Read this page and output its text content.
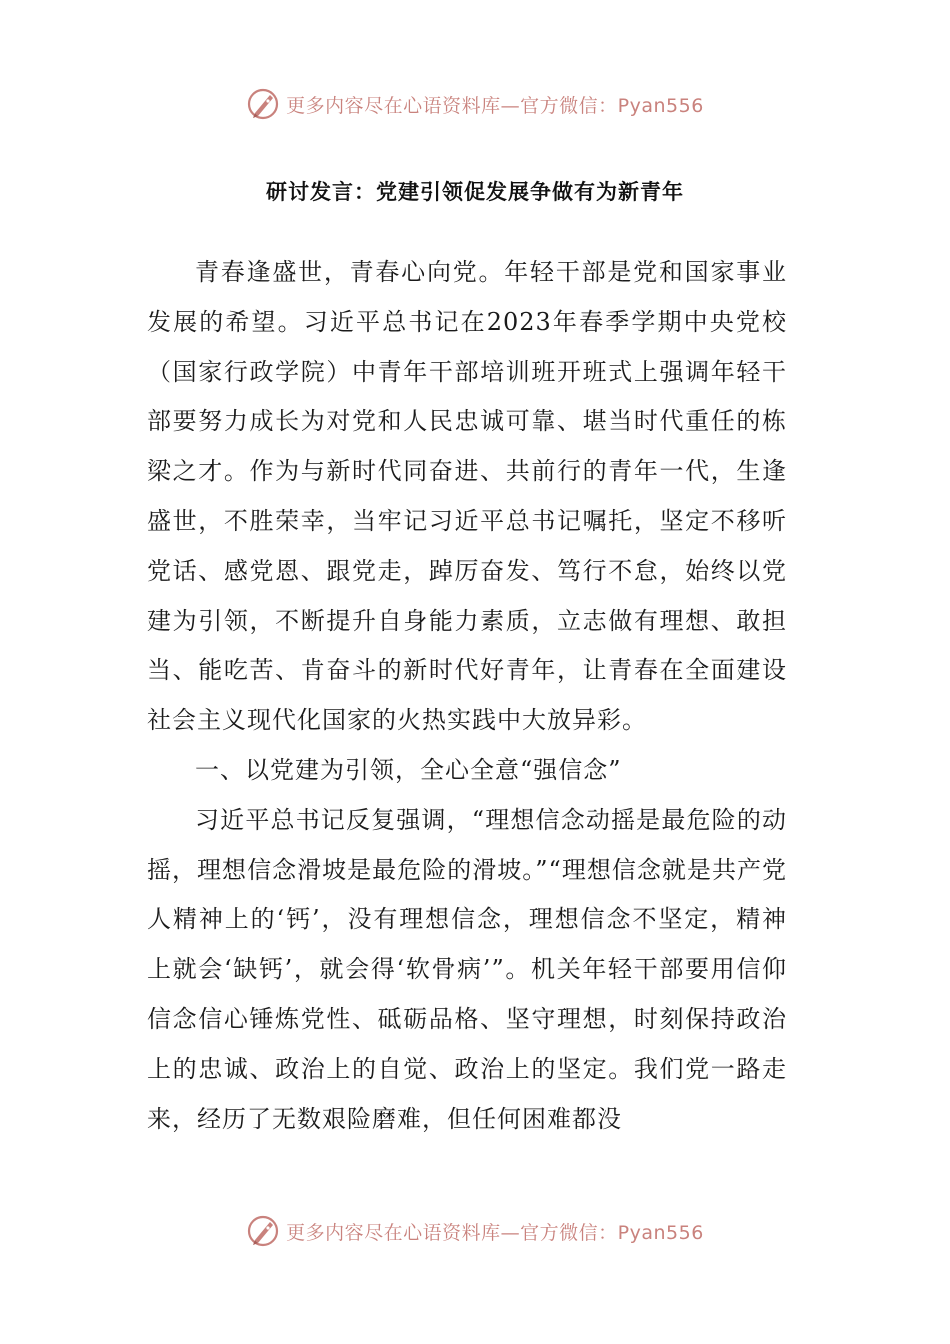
更多内容尽在心语资料库—官方微信：Pyan556
研讨发言：党建引领促发展争做有为新青年

青春逢盛世，青春心向党。年轻干部是党和国家事业发展的希望。习近平总书记在2023年春季学期中央党校（国家行政学院）中青年干部培训班开班式上强调年轻干部要努力成长为对党和人民忠诚可靠、堪当时代重任的栋梁之才。作为与新时代同奋进、共前行的青年一代，生逢盛世，不胜荣幸，当牢记习近平总书记嘱托，坚定不移听党话、感党恩、跟党走，踔厉奋发、笃行不怠，始终以党建为引领，不断提升自身能力素质，立志做有理想、敢担当、能吃苦、肯奋斗的新时代好青年，让青春在全面建设社会主义现代化国家的火热实践中大放异彩。

一、以党建为引领，全心全意“强信念”

习近平总书记反复强调，“理想信念动摇是最危险的动摇，理想信念滑坡是最危险的滑坡。”“理想信念就是共产党人精神上的‘钙’，没有理想信念，理想信念不坚定，精神上就会‘缺钙’，就会得‘软骨病’”。机关年轻干部要用信仰信念信心锤炼党性、砥砺品格、坚守理想，时刻保持政治上的忠诚、政治上的自觉、政治上的坚定。我们党一路走来，经历了无数艰险磨难，但任何困难都没

更多内容尽在心语资料库—官方微信：Pyan556
